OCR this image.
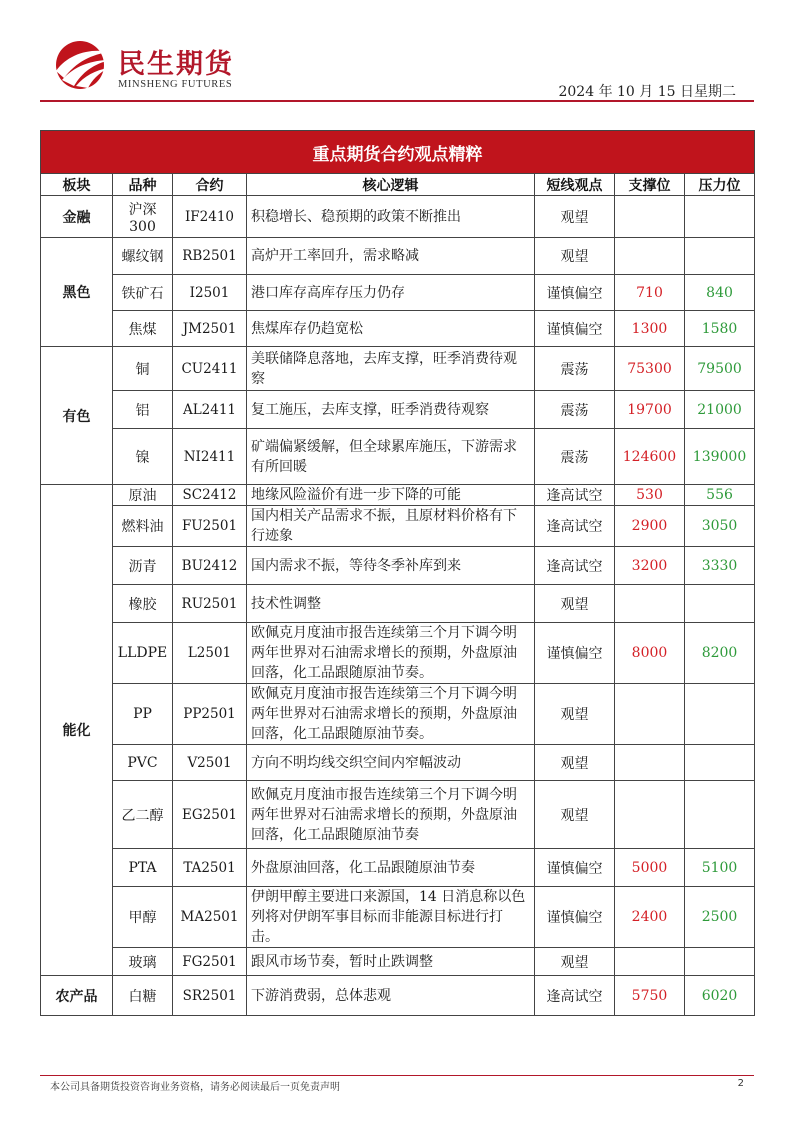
民生期货
MINSHENG FUTURES	2024 年 10 月 15 日星期二
重点期货合约观点精粹						
板块	品种	合约	核心逻辑	短线观点	支撑位	压力位
金融	沪深300	IF2410	积稳增长、稳预期的政策不断推出	观望		
黑色	螺纹钢	RB2501	高炉开工率回升，需求略减	观望		
	铁矿石	I2501	港口库存高库存压力仍存	谨慎偏空	710	840
	焦煤	JM2501	焦煤库存仍趋宽松	谨慎偏空	1300	1580
有色	铜	CU2411	美联储降息落地，去库支撑，旺季消费待观察	震荡	75300	79500
	铝	AL2411	复工施压，去库支撑，旺季消费待观察	震荡	19700	21000
	镍	NI2411	矿端偏紧缓解，但全球累库施压，下游需求有所回暖	震荡	124600	139000
能化	原油	SC2412	地缘风险溢价有进一步下降的可能	逢高试空	530	556
	燃料油	FU2501	国内相关产品需求不振，且原材料价格有下行迹象	逢高试空	2900	3050
	沥青	BU2412	国内需求不振，等待冬季补库到来	逢高试空	3200	3330
	橡胶	RU2501	技术性调整	观望		
	LLDPE	L2501	欧佩克月度油市报告连续第三个月下调今明两年世界对石油需求增长的预期，外盘原油回落，化工品跟随原油节奏。	谨慎偏空	8000	8200
	PP	PP2501	欧佩克月度油市报告连续第三个月下调今明两年世界对石油需求增长的预期，外盘原油回落，化工品跟随原油节奏。	观望		
	PVC	V2501	方向不明均线交织空间内窄幅波动	观望		
	乙二醇	EG2501	欧佩克月度油市报告连续第三个月下调今明两年世界对石油需求增长的预期，外盘原油回落，化工品跟随原油节奏	观望		
	PTA	TA2501	外盘原油回落，化工品跟随原油节奏	谨慎偏空	5000	5100
	甲醇	MA2501	伊朗甲醇主要进口来源国，14 日消息称以色列将对伊朗军事目标而非能源目标进行打击。	谨慎偏空	2400	2500
	玻璃	FG2501	跟风市场节奏，暂时止跌调整	观望		
农产品	白糖	SR2501	下游消费弱，总体悲观	逢高试空	5750	6020
本公司具备期货投资咨询业务资格，请务必阅读最后一页免责声明	2
